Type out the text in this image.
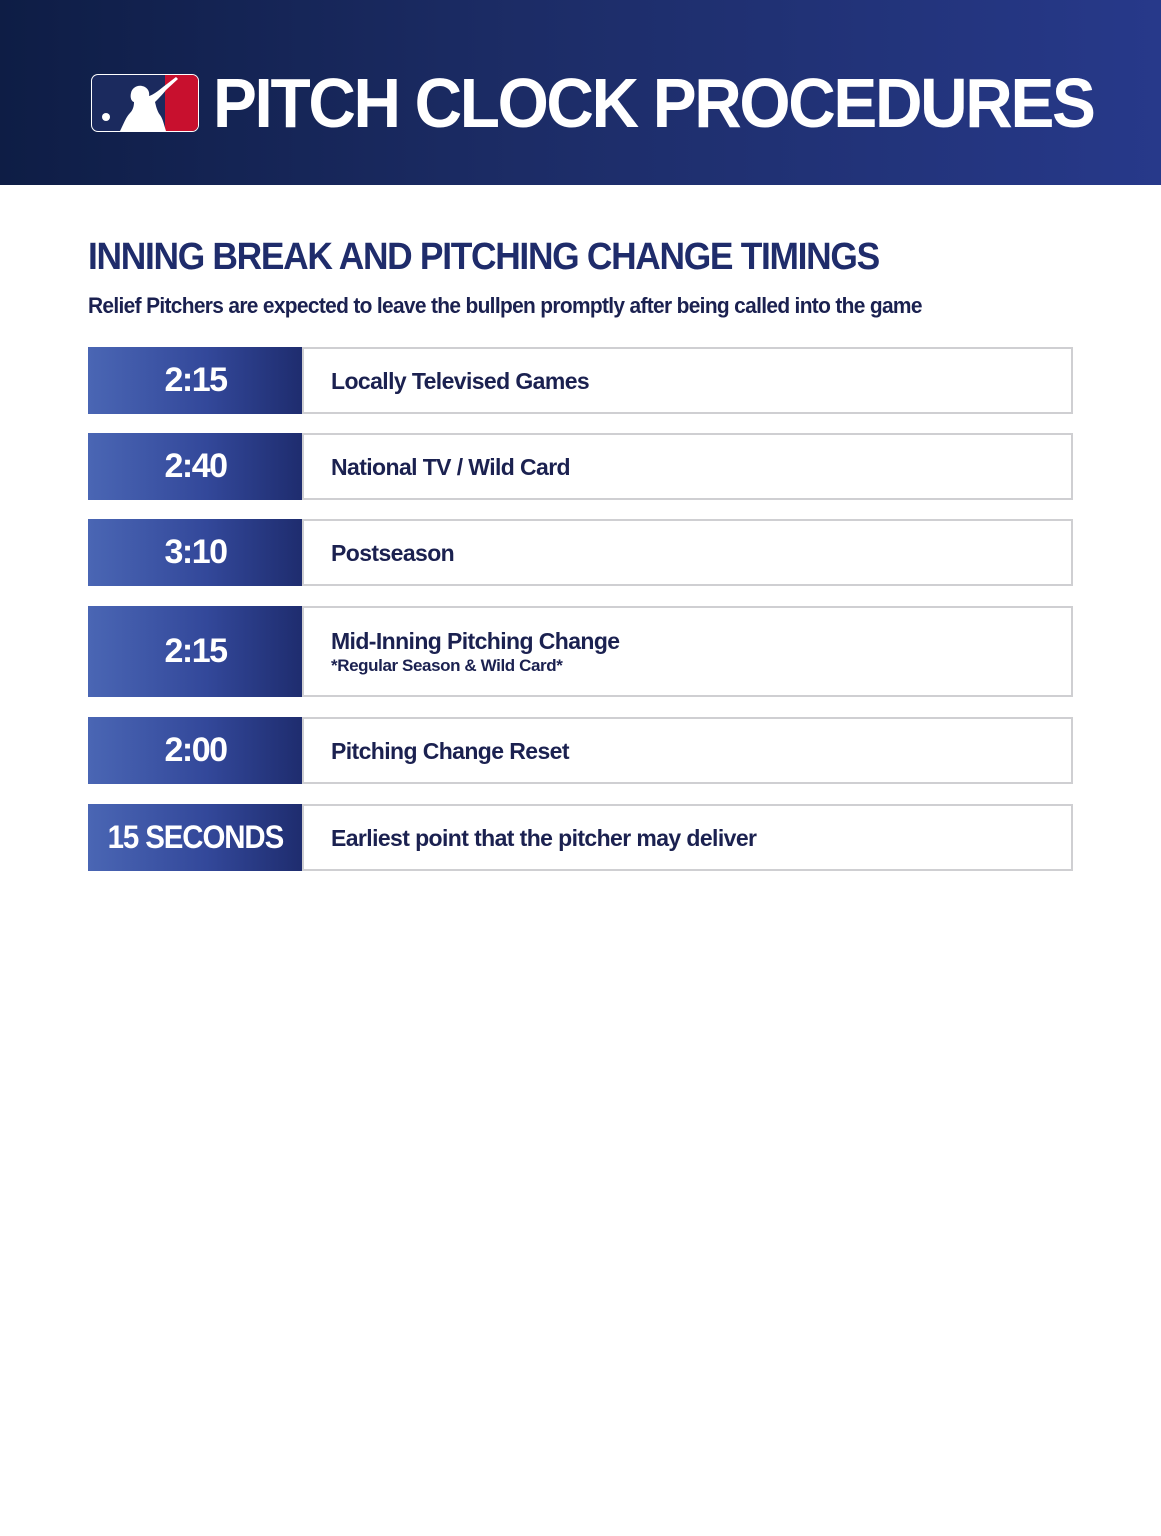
PITCH CLOCK PROCEDURES
INNING BREAK AND PITCHING CHANGE TIMINGS
Relief Pitchers are expected to leave the bullpen promptly after being called into the game
2:15	Locally Televised Games
2:40	National TV / Wild Card
3:10	Postseason
2:15	Mid-Inning Pitching Change
*Regular Season & Wild Card*
2:00	Pitching Change Reset
15 SECONDS Earliest point that the pitcher may deliver
